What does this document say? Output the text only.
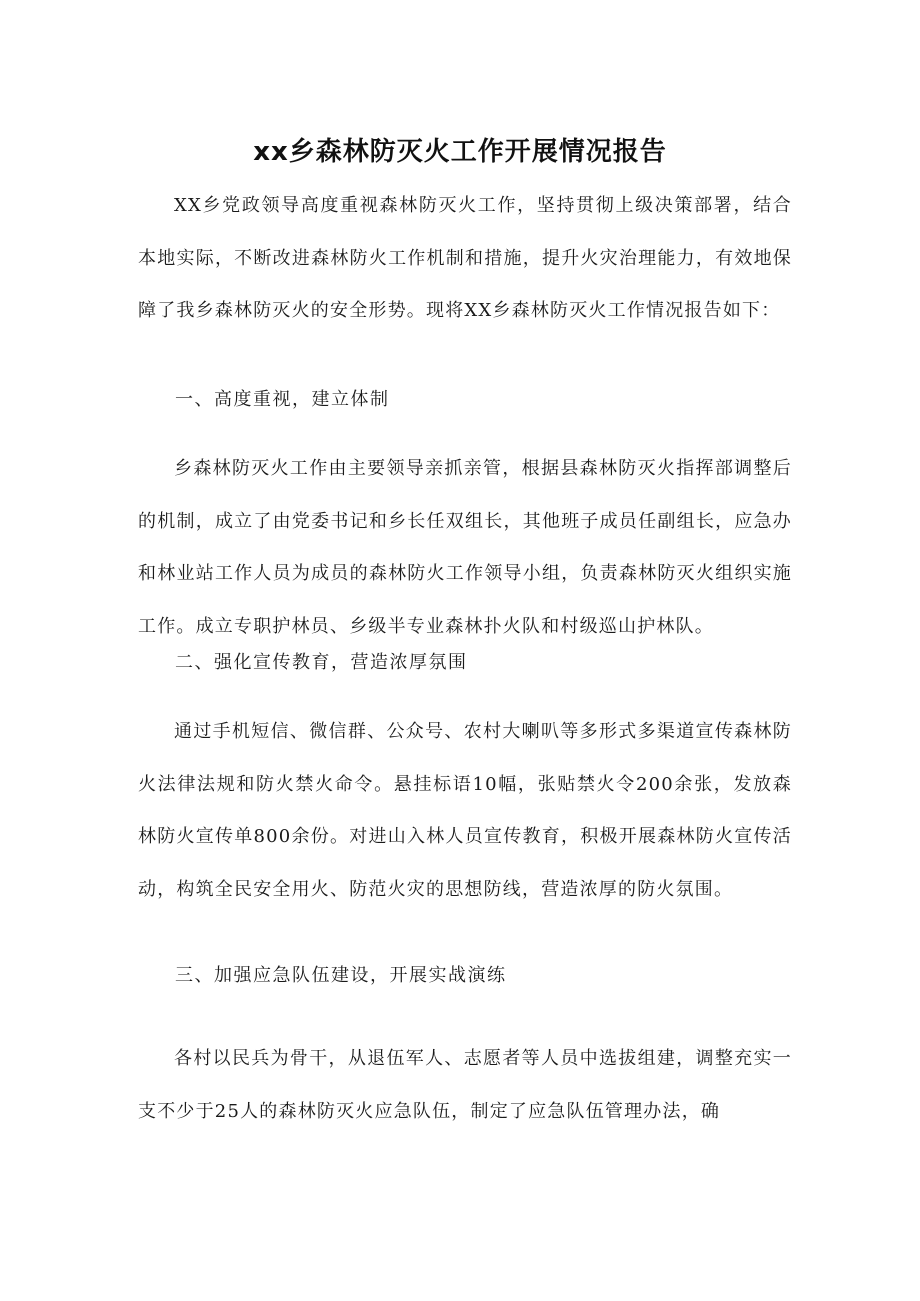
xx乡森林防灭火工作开展情况报告

XX乡党政领导高度重视森林防灭火工作，坚持贯彻上级决策部署，结合本地实际，不断改进森林防火工作机制和措施，提升火灾治理能力，有效地保障了我乡森林防灭火的安全形势。现将XX乡森林防灭火工作情况报告如下：

一、高度重视，建立体制

乡森林防灭火工作由主要领导亲抓亲管，根据县森林防灭火指挥部调整后的机制，成立了由党委书记和乡长任双组长，其他班子成员任副组长，应急办和林业站工作人员为成员的森林防火工作领导小组，负责森林防灭火组织实施工作。成立专职护林员、乡级半专业森林扑火队和村级巡山护林队。

二、强化宣传教育，营造浓厚氛围

通过手机短信、微信群、公众号、农村大喇叭等多形式多渠道宣传森林防火法律法规和防火禁火命令。悬挂标语10幅，张贴禁火令200余张，发放森林防火宣传单800余份。对进山入林人员宣传教育，积极开展森林防火宣传活动，构筑全民安全用火、防范火灾的思想防线，营造浓厚的防火氛围。

三、加强应急队伍建设，开展实战演练

各村以民兵为骨干，从退伍军人、志愿者等人员中选拔组建，调整充实一支不少于25人的森林防灭火应急队伍，制定了应急队伍管理办法，确
